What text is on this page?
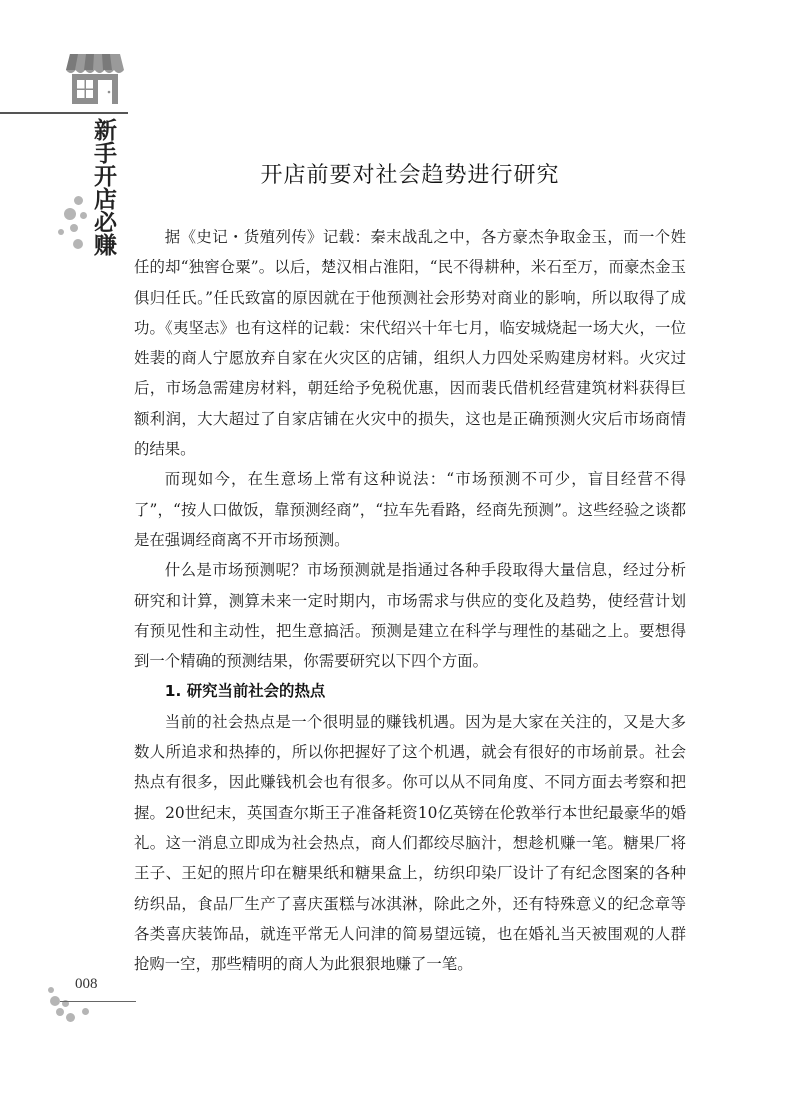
新手开店必赚	开店前要对社会趋势进行研究

据《史记・货殖列传》记载：秦末战乱之中，各方豪杰争取金玉，而一个姓任的却“独窖仓粟”。以后，楚汉相占淮阳，“民不得耕种，米石至万，而豪杰金玉俱归任氏。”任氏致富的原因就在于他预测社会形势对商业的影响，所以取得了成功。《夷坚志》也有这样的记载：宋代绍兴十年七月，临安城烧起一场大火，一位姓裴的商人宁愿放弃自家在火灾区的店铺，组织人力四处采购建房材料。火灾过后，市场急需建房材料，朝廷给予免税优惠，因而裴氏借机经营建筑材料获得巨额利润，大大超过了自家店铺在火灾中的损失，这也是正确预测火灾后市场商情的结果。

而现如今，在生意场上常有这种说法：“市场预测不可少，盲目经营不得了”，“按人口做饭，靠预测经商”，“拉车先看路，经商先预测”。这些经验之谈都是在强调经商离不开市场预测。

什么是市场预测呢？市场预测就是指通过各种手段取得大量信息，经过分析研究和计算，测算未来一定时期内，市场需求与供应的变化及趋势，使经营计划有预见性和主动性，把生意搞活。预测是建立在科学与理性的基础之上。要想得到一个精确的预测结果，你需要研究以下四个方面。

1. 研究当前社会的热点

当前的社会热点是一个很明显的赚钱机遇。因为是大家在关注的，又是大多数人所追求和热捧的，所以你把握好了这个机遇，就会有很好的市场前景。社会热点有很多，因此赚钱机会也有很多。你可以从不同角度、不同方面去考察和把握。20世纪末，英国查尔斯王子准备耗资10亿英镑在伦敦举行本世纪最豪华的婚礼。这一消息立即成为社会热点，商人们都绞尽脑汁，想趁机赚一笔。糖果厂将王子、王妃的照片印在糖果纸和糖果盒上，纺织印染厂设计了有纪念图案的各种纺织品，食品厂生产了喜庆蛋糕与冰淇淋，除此之外，还有特殊意义的纪念章等各类喜庆装饰品，就连平常无人问津的简易望远镜，也在婚礼当天被围观的人群抢购一空，那些精明的商人为此狠狠地赚了一笔。

008
